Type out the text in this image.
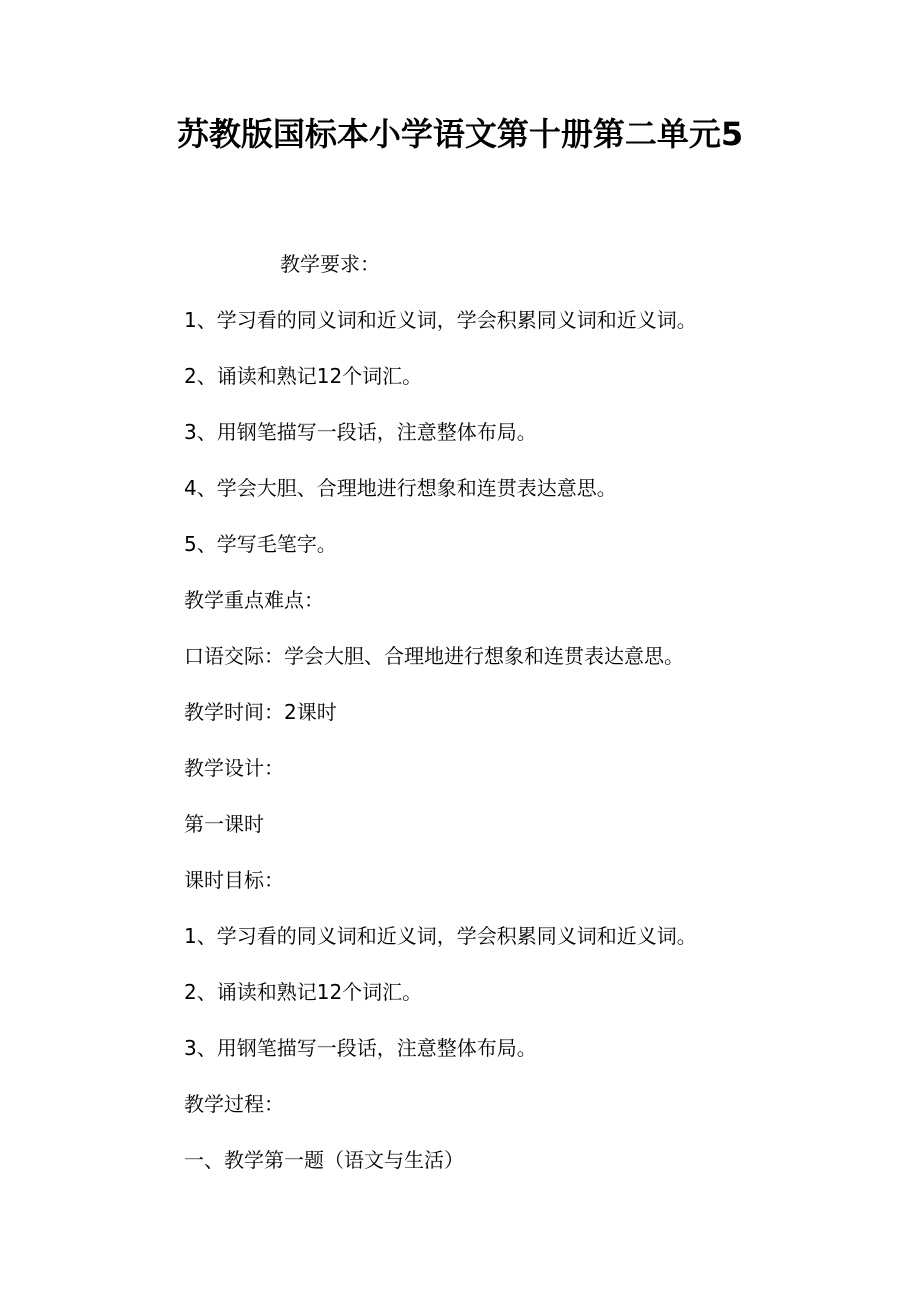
苏教版国标本小学语文第十册第二单元5

教学要求：

1、学习看的同义词和近义词，学会积累同义词和近义词。

2、诵读和熟记12个词汇。

3、用钢笔描写一段话，注意整体布局。

4、学会大胆、合理地进行想象和连贯表达意思。

5、学写毛笔字。

教学重点难点：

口语交际：学会大胆、合理地进行想象和连贯表达意思。

教学时间：2课时

教学设计：

第一课时

课时目标：

1、学习看的同义词和近义词，学会积累同义词和近义词。

2、诵读和熟记12个词汇。

3、用钢笔描写一段话，注意整体布局。

教学过程：

一、教学第一题（语文与生活）
